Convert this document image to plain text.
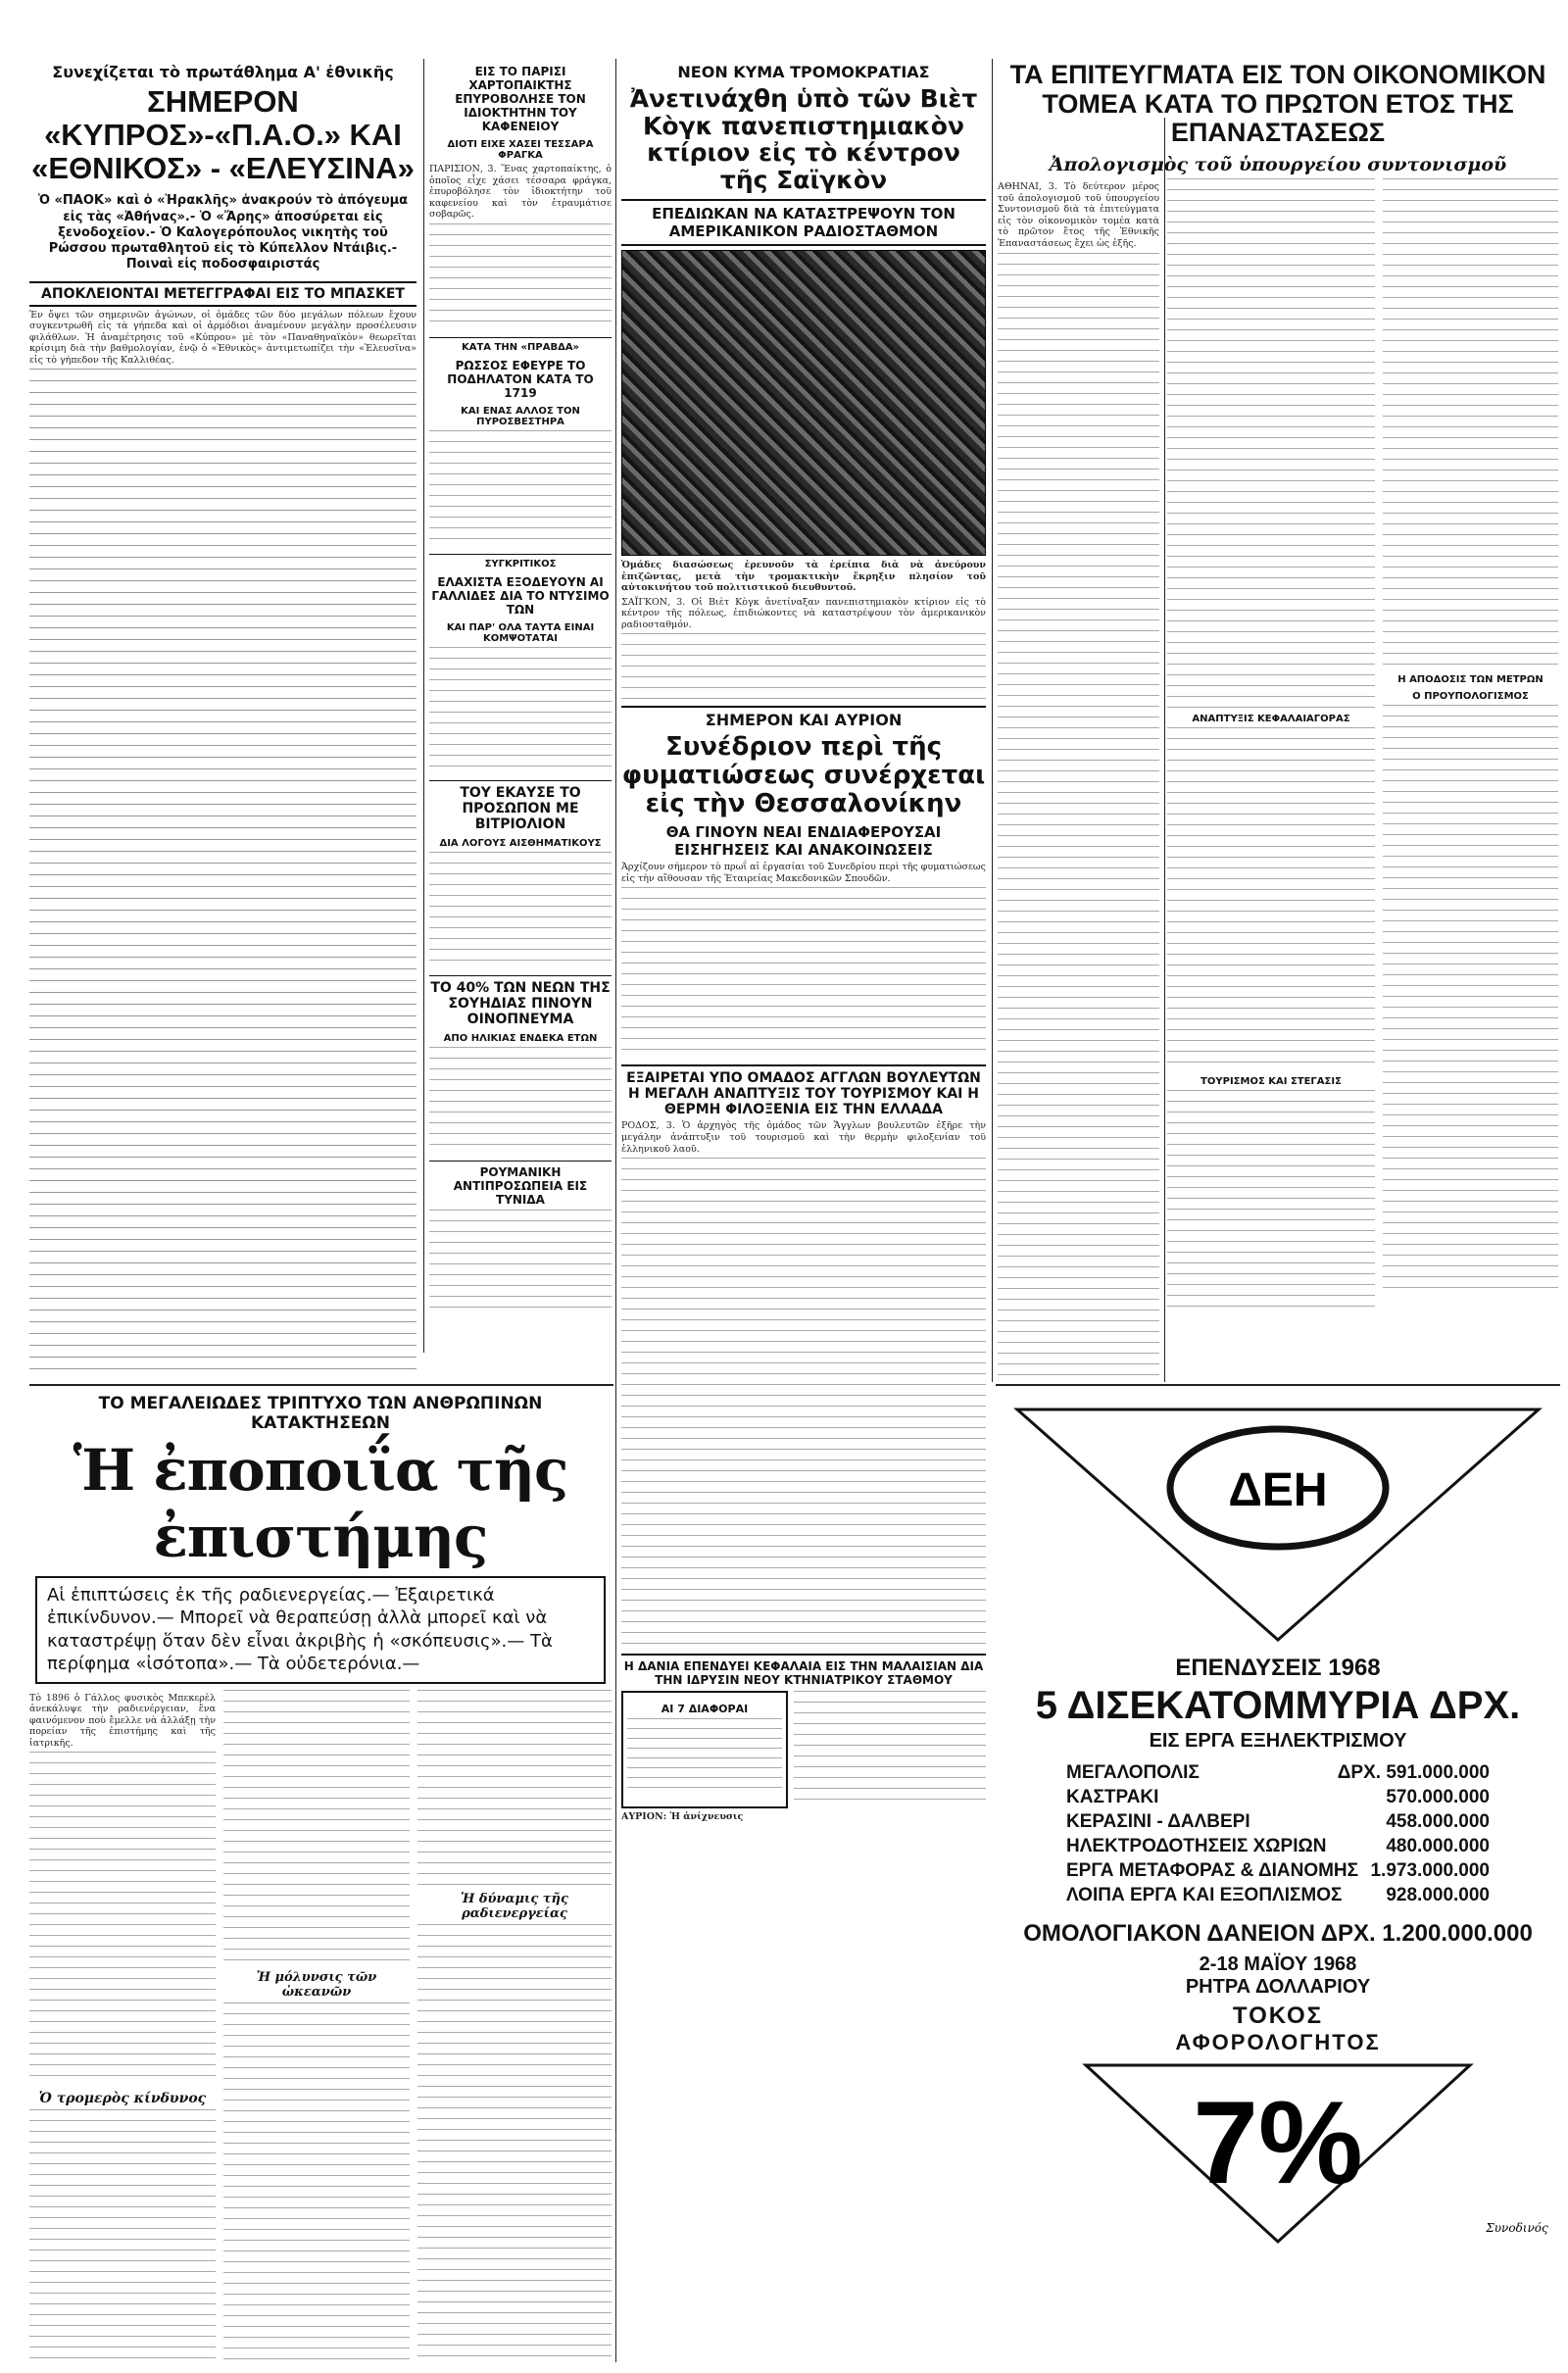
Συνεχίζεται τὸ πρωτάθλημα Α' ἐθνικῆς
ΣΗΜΕΡΟΝ «ΚΥΠΡΟΣ»-«Π.Α.Ο.» ΚΑΙ «ΕΘΝΙΚΟΣ» - «ΕΛΕΥΣΙΝΑ»
Ὁ «ΠΑΟΚ» καὶ ὁ «Ἡρακλῆς» ἀνακρούν τὸ ἀπόγευμα εἰς τὰς «Ἀθήνας».- Ὁ «Ἄρης» ἀποσύρεται εἰς ξενοδοχεῖον.- Ὁ Καλογερόπουλος νικητὴς τοῦ Ρώσσου πρωταθλητοῦ εἰς τὸ Κύπελλον Ντάιβις.- Ποιναὶ εἰς ποδοσφαιριστάς
ΑΠΟΚΛΕΙΟΝΤΑΙ ΜΕΤΕΓΓΡΑΦΑΙ ΕΙΣ ΤΟ ΜΠΑΣΚΕΤ

Ἐν ὄψει τῶν σημερινῶν ἀγώνων, οἱ ὁμάδες τῶν δύο μεγάλων πόλεων ἔχουν συγκεντρωθῆ εἰς τὰ γήπεδα καὶ οἱ ἀρμόδιοι ἀναμένουν μεγάλην προσέλευσιν φιλάθλων. Ἡ ἀναμέτρησις τοῦ «Κύπρου» μὲ τὸν «Παναθηναϊκὸν» θεωρεῖται κρίσιμη διὰ τὴν βαθμολογίαν, ἐνῷ ὁ «Ἐθνικὸς» ἀντιμετωπίζει τὴν «Ἐλευσῖνα» εἰς τὸ γήπεδον τῆς Καλλιθέας.

ΕΙΣ ΤΟ ΠΑΡΙΣΙ ΧΑΡΤΟΠΑΙΚΤΗΣ ΕΠΥΡΟΒΟΛΗΣΕ ΤΟΝ ΙΔΙΟΚΤΗΤΗΝ ΤΟΥ ΚΑΦΕΝΕΙΟΥ
ΔΙΟΤΙ ΕΙΧΕ ΧΑΣΕΙ ΤΕΣΣΑΡΑ ΦΡΑΓΚΑ

ΠΑΡΙΣΙΟΝ, 3. Ἕνας χαρτοπαίκτης, ὁ ὁποῖος εἶχε χάσει τέσσαρα φράγκα, ἐπυροβόλησε τὸν ἰδιοκτήτην τοῦ καφενείου καὶ τὸν ἐτραυμάτισε σοβαρῶς.

ΚΑΤΑ ΤΗΝ «ΠΡΑΒΔΑ»
ΡΩΣΣΟΣ ΕΦΕΥΡΕ ΤΟ ΠΟΔΗΛΑΤΟΝ ΚΑΤΑ ΤΟ 1719
ΚΑΙ ΕΝΑΣ ΑΛΛΟΣ ΤΟΝ ΠΥΡΟΣΒΕΣΤΗΡΑ
ΣΥΓΚΡΙΤΙΚΟΣ
ΕΛΑΧΙΣΤΑ ΕΞΟΔΕΥΟΥΝ ΑΙ ΓΑΛΛΙΔΕΣ ΔΙΑ ΤΟ ΝΤΥΣΙΜΟ ΤΩΝ
ΚΑΙ ΠΑΡ' ΟΛΑ ΤΑΥΤΑ ΕΙΝΑΙ ΚΟΜΨΟΤΑΤΑΙ
ΤΟΥ ΕΚΑΥΣΕ ΤΟ ΠΡΟΣΩΠΟΝ ΜΕ ΒΙΤΡΙΟΛΙΟΝ
ΔΙΑ ΛΟΓΟΥΣ ΑΙΣΘΗΜΑΤΙΚΟΥΣ
ΤΟ 40% ΤΩΝ ΝΕΩΝ ΤΗΣ ΣΟΥΗΔΙΑΣ ΠΙΝΟΥΝ ΟΙΝΟΠΝΕΥΜΑ
ΑΠΟ ΗΛΙΚΙΑΣ ΕΝΔΕΚΑ ΕΤΩΝ
ΡΟΥΜΑΝΙΚΗ ΑΝΤΙΠΡΟΣΩΠΕΙΑ ΕΙΣ ΤΥΝΙΔΑ
ΝΕΟΝ ΚΥΜΑ ΤΡΟΜΟΚΡΑΤΙΑΣ
Ἀνετινάχθη ὑπὸ τῶν Βιὲτ Κὸγκ πανεπιστημιακὸν κτίριον εἰς τὸ κέντρον τῆς Σαϊγκὸν
ΕΠΕΔΙΩΚΑΝ ΝΑ ΚΑΤΑΣΤΡΕΨΟΥΝ ΤΟΝ ΑΜΕΡΙΚΑΝΙΚΟΝ ΡΑΔΙΟΣΤΑΘΜΟΝ

Ὁμάδες διασώσεως ἐρευνοῦν τὰ ἐρείπια διὰ νὰ ἀνεύρουν ἐπιζῶντας, μετὰ τὴν τρομακτικὴν ἔκρηξιν πλησίον τοῦ αὐτοκινήτου τοῦ πολιτιστικοῦ διευθυντοῦ.

ΣΑΪΓΚΟΝ, 3. Οἱ Βιὲτ Κὸγκ ἀνετίναξαν πανεπιστημιακὸν κτίριον εἰς τὸ κέντρον τῆς πόλεως, ἐπιδιώκοντες νὰ καταστρέψουν τὸν ἀμερικανικὸν ραδιοσταθμόν.

ΣΗΜΕΡΟΝ ΚΑΙ ΑΥΡΙΟΝ
Συνέδριον περὶ τῆς φυματιώσεως συνέρχεται εἰς τὴν Θεσσαλονίκην
ΘΑ ΓΙΝΟΥΝ ΝΕΑΙ ΕΝΔΙΑΦΕΡΟΥΣΑΙ ΕΙΣΗΓΗΣΕΙΣ ΚΑΙ ΑΝΑΚΟΙΝΩΣΕΙΣ

Ἀρχίζουν σήμερον τὸ πρωΐ αἱ ἐργασίαι τοῦ Συνεδρίου περὶ τῆς φυματιώσεως εἰς τὴν αἴθουσαν τῆς Ἑταιρείας Μακεδονικῶν Σπουδῶν.

ΕΞΑΙΡΕΤΑΙ ΥΠΟ ΟΜΑΔΟΣ ΑΓΓΛΩΝ ΒΟΥΛΕΥΤΩΝ Η ΜΕΓΑΛΗ ΑΝΑΠΤΥΞΙΣ ΤΟΥ ΤΟΥΡΙΣΜΟΥ ΚΑΙ Η ΘΕΡΜΗ ΦΙΛΟΞΕΝΙΑ ΕΙΣ ΤΗΝ ΕΛΛΑΔΑ

ΡΟΔΟΣ, 3. Ὁ ἀρχηγὸς τῆς ὁμάδος τῶν Ἄγγλων βουλευτῶν ἐξῆρε τὴν μεγάλην ἀνάπτυξιν τοῦ τουρισμοῦ καὶ τὴν θερμὴν φιλοξενίαν τοῦ ἑλληνικοῦ λαοῦ.

Η ΔΑΝΙΑ ΕΠΕΝΔΥΕΙ ΚΕΦΑΛΑΙΑ ΕΙΣ ΤΗΝ ΜΑΛΑΙΣΙΑΝ ΔΙΑ ΤΗΝ ΙΔΡΥΣΙΝ ΝΕΟΥ ΚΤΗΝΙΑΤΡΙΚΟΥ ΣΤΑΘΜΟΥ
ΑΙ 7 ΔΙΑΦΟΡΑΙ
ΑΥΡΙΟΝ: Ἡ ἀνίχνευσις
ΤΑ ΕΠΙΤΕΥΓΜΑΤΑ ΕΙΣ ΤΟΝ ΟΙΚΟΝΟΜΙΚΟΝ ΤΟΜΕΑ ΚΑΤΑ ΤΟ ΠΡΩΤΟΝ ΕΤΟΣ ΤΗΣ ΕΠΑΝΑΣΤΑΣΕΩΣ
Ἀπολογισμὸς τοῦ ὑπουργείου συντονισμοῦ

ΑΘΗΝΑΙ, 3. Τὸ δεύτερον μέρος τοῦ ἀπολογισμοῦ τοῦ ὑπουργείου Συντονισμοῦ διὰ τὰ ἐπιτεύγματα εἰς τὸν οἰκονομικὸν τομέα κατὰ τὸ πρῶτον ἔτος τῆς Ἐθνικῆς Ἐπαναστάσεως ἔχει ὡς ἑξῆς.

ΑΝΑΠΤΥΞΙΣ ΚΕΦΑΛΑΙΑΓΟΡΑΣ
ΤΟΥΡΙΣΜΟΣ ΚΑΙ ΣΤΕΓΑΣΙΣ
Η ΑΠΟΔΟΣΙΣ ΤΩΝ ΜΕΤΡΩΝ
Ο ΠΡΟΥΠΟΛΟΓΙΣΜΟΣ
ΤΟ ΜΕΓΑΛΕΙΩΔΕΣ ΤΡΙΠΤΥΧΟ ΤΩΝ ΑΝΘΡΩΠΙΝΩΝ ΚΑΤΑΚΤΗΣΕΩΝ
Ἡ ἐποποιΐα τῆς ἐπιστήμης
Αἱ ἐπιπτώσεις ἐκ τῆς ραδιενεργείας.— Ἐξαιρετικά ἐπικίνδυνον.— Μπορεῖ νὰ θεραπεύσῃ ἀλλὰ μπορεῖ καὶ νὰ καταστρέψῃ ὅταν δὲν εἶναι ἀκριβὴς ἡ «σκόπευσις».— Τὰ περίφημα «ἰσότοπα».— Τὰ οὐδετερόνια.—

Τὸ 1896 ὁ Γάλλος φυσικὸς Μπεκερὲλ ἀνεκάλυψε τὴν ραδιενέργειαν, ἕνα φαινόμενον ποὺ ἔμελλε νὰ ἀλλάξῃ τὴν πορείαν τῆς ἐπιστήμης καὶ τῆς ἰατρικῆς.

Ὁ τρομερὸς κίνδυνος
Ἡ μόλυνσις τῶν ὠκεανῶν
Ἡ δύναμις τῆς ραδιενεργείας
ΔΕΗ
ΕΠΕΝΔΥΣΕΙΣ 1968
5 ΔΙΣΕΚΑΤΟΜΜΥΡΙΑ ΔΡΧ.
ΕΙΣ ΕΡΓΑ ΕΞΗΛΕΚΤΡΙΣΜΟΥ
ΜΕΓΑΛΟΠΟΛΙΣ	ΔΡΧ. 591.000.000
ΚΑΣΤΡΑΚΙ	570.000.000
ΚΕΡΑΣΙΝΙ - ΔΑΛΒΕΡΙ	458.000.000
ΗΛΕΚΤΡΟΔΟΤΗΣΕΙΣ ΧΩΡΙΩΝ	480.000.000
ΕΡΓΑ ΜΕΤΑΦΟΡΑΣ & ΔΙΑΝΟΜΗΣ 1.973.000.000
ΛΟΙΠΑ ΕΡΓΑ ΚΑΙ ΕΞΟΠΛΙΣΜΟΣ 928.000.000
ΟΜΟΛΟΓΙΑΚΟΝ ΔΑΝΕΙΟΝ ΔΡΧ. 1.200.000.000
2-18 ΜΑΪΟΥ 1968
ΡΗΤΡΑ ΔΟΛΛΑΡΙΟΥ
ΤΟΚΟΣ
ΑΦΟΡΟΛΟΓΗΤΟΣ
7%
Συνοδινός
